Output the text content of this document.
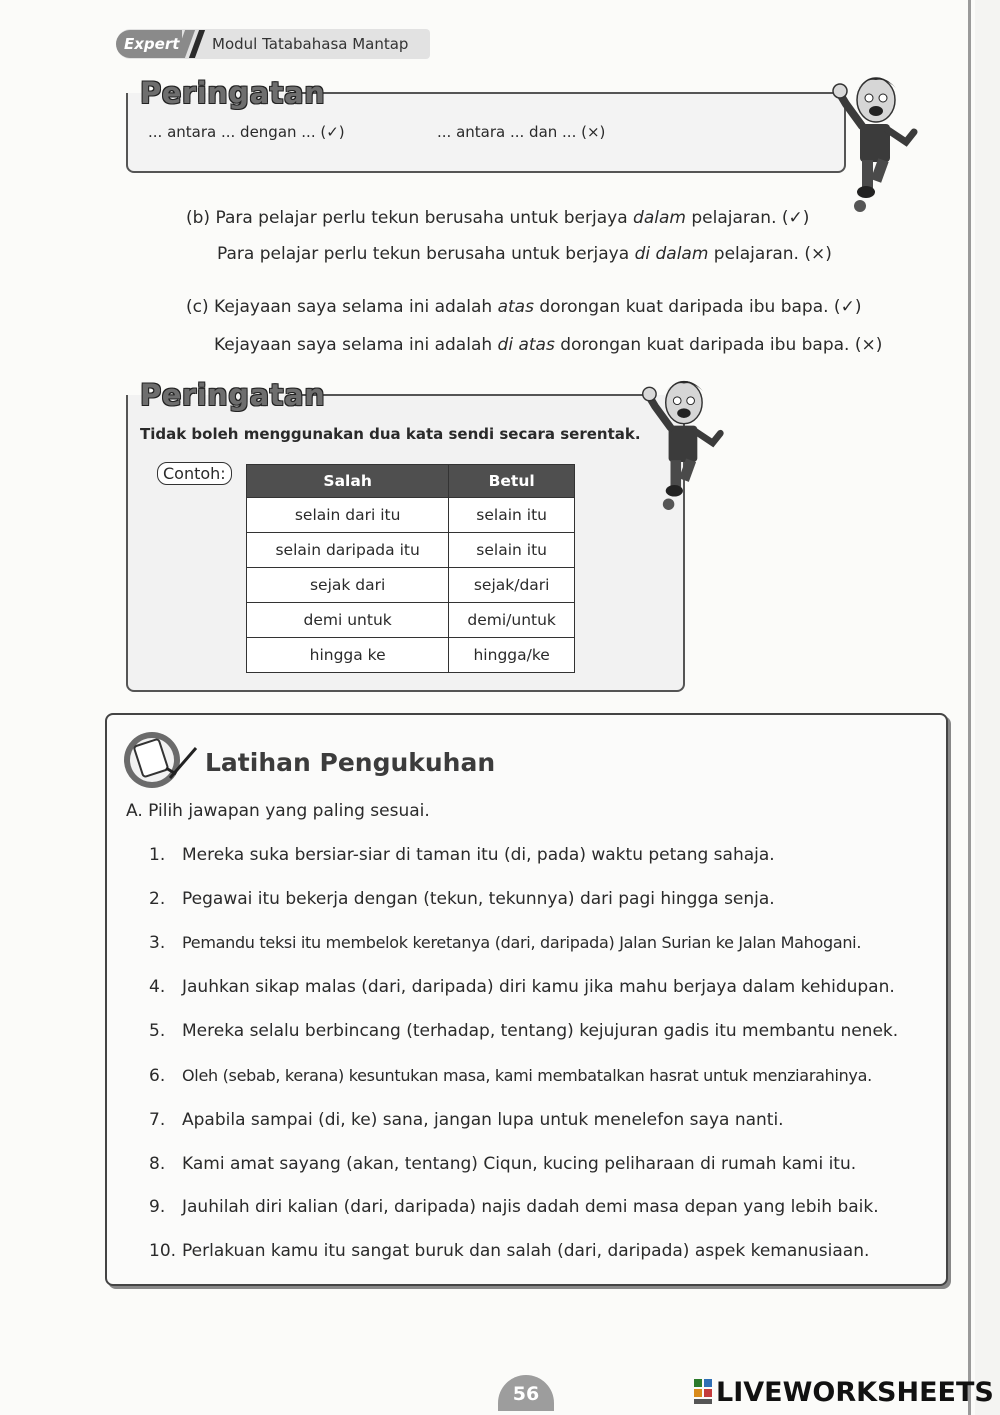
Expert Modul Tatabahasa Mantap
Peringatan
... antara ... dengan ... (✓)	... antara ... dan ... (×)
(b) Para pelajar perlu tekun berusaha untuk berjaya dalam pelajaran. (✓)
Para pelajar perlu tekun berusaha untuk berjaya di dalam pelajaran. (×)
(c) Kejayaan saya selama ini adalah atas dorongan kuat daripada ibu bapa. (✓)
Kejayaan saya selama ini adalah di atas dorongan kuat daripada ibu bapa. (×)
Peringatan
Tidak boleh menggunakan dua kata sendi secara serentak.
Contoh:	Salah	Betul
selain dari itu	selain itu
selain daripada itu	selain itu
sejak dari	sejak/dari
demi untuk	demi/untuk
hingga ke	hingga/ke
Latihan Pengukuhan
A. Pilih jawapan yang paling sesuai.
1. Mereka suka bersiar-siar di taman itu (di, pada) waktu petang sahaja.
2. Pegawai itu bekerja dengan (tekun, tekunnya) dari pagi hingga senja.
3. Pemandu teksi itu membelok keretanya (dari, daripada) Jalan Surian ke Jalan Mahogani.
4. Jauhkan sikap malas (dari, daripada) diri kamu jika mahu berjaya dalam kehidupan.
5. Mereka selalu berbincang (terhadap, tentang) kejujuran gadis itu membantu nenek.
6. Oleh (sebab, kerana) kesuntukan masa, kami membatalkan hasrat untuk menziarahinya.
7. Apabila sampai (di, ke) sana, jangan lupa untuk menelefon saya nanti.
8. Kami amat sayang (akan, tentang) Ciqun, kucing peliharaan di rumah kami itu.
9. Jauhilah diri kalian (dari, daripada) najis dadah demi masa depan yang lebih baik.
10. Perlakuan kamu itu sangat buruk dan salah (dari, daripada) aspek kemanusiaan.
56	LIVEWORKSHEETS
